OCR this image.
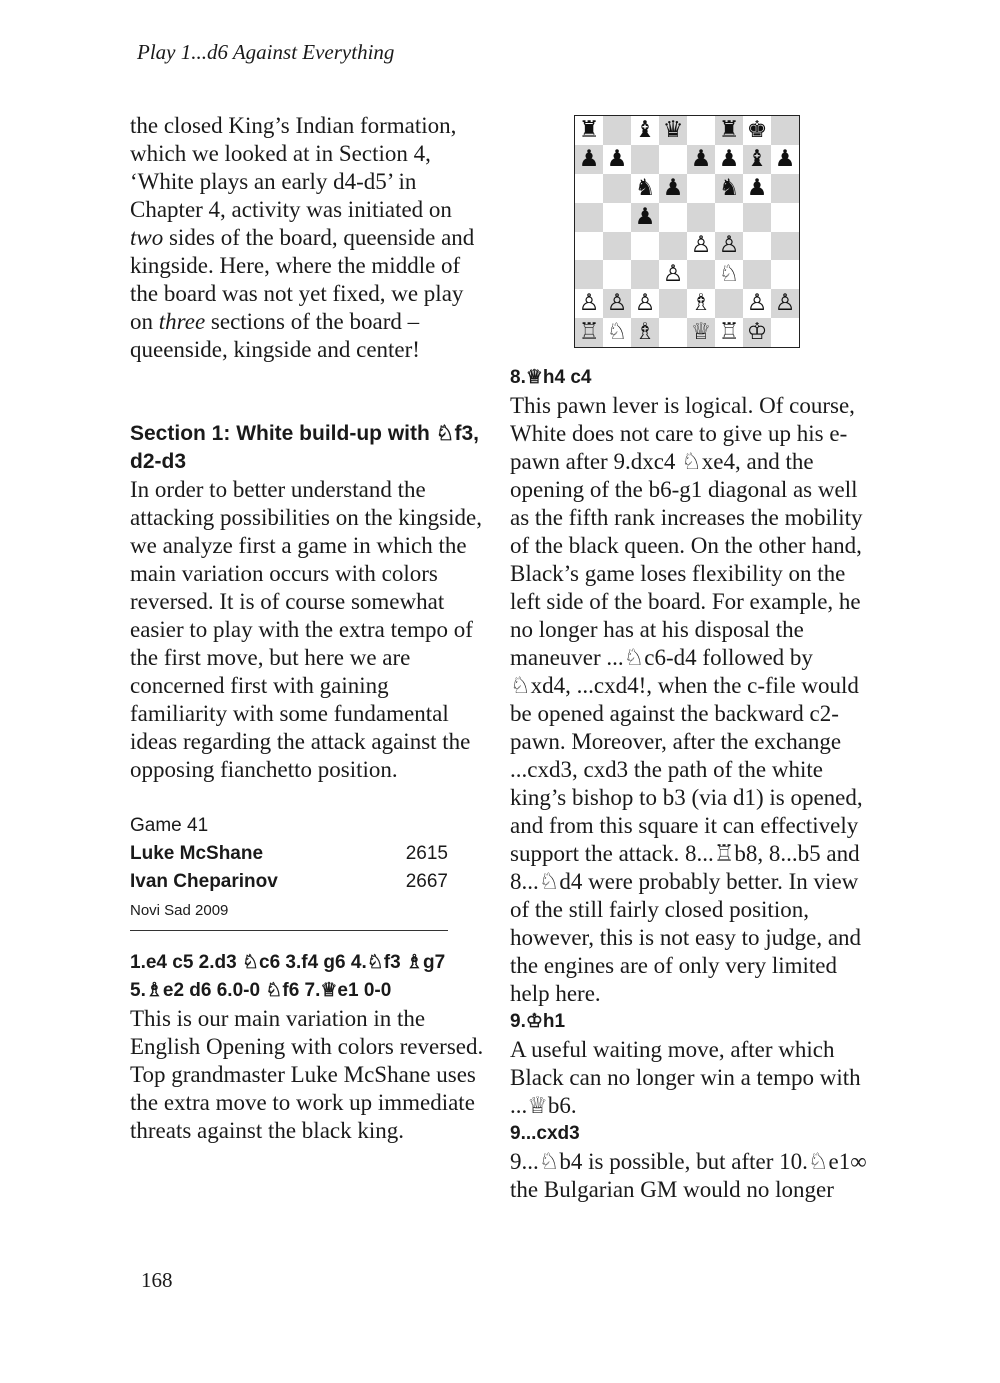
Play 1...d6 Against Everything
♜ ♝ ♛ ♜ ♚
♟ ♟	♟ ♟ ♝ ♟
♞ ♟ ♞ ♟
♟
♙ ♙
♙ ♘
♙ ♙ ♙ ♗ ♙ ♙
♖ ♘ ♗ ♕ ♖ ♔

the closed King’s Indian formation, which we looked at in Section 4, ‘White plays an early d4-d5’ in Chapter 4, activity was initiated on two sides of the board, queenside and kingside. Here, where the middle of the board was not yet fixed, we play on three sections of the board – queenside, kingside and center!

Section 1: White build-up with ♘f3, d2-d3

In order to better understand the attacking possibilities on the kingside, we analyze first a game in which the main variation occurs with colors reversed. It is of course somewhat easier to play with the extra tempo of the first move, but here we are concerned first with gaining familiarity with some fundamental ideas regarding the attack against the opposing fianchetto position.

Game 41
Luke McShane	2615
Ivan Cheparinov	2667
Novi Sad 2009

1.e4 c5 2.d3 ♘c6 3.f4 g6 4.♘f3 ♗g7 5.♗e2 d6 6.0-0 ♘f6 7.♕e1 0-0

This is our main variation in the English Opening with colors reversed. Top grandmaster Luke McShane uses the extra move to work up immediate threats against the black king.

8.♕h4 c4

This pawn lever is logical. Of course, White does not care to give up his e-pawn after 9.dxc4 ♘xe4, and the opening of the b6-g1 diagonal as well as the fifth rank increases the mobility of the black queen. On the other hand, Black’s game loses flexibility on the left side of the board. For example, he no longer has at his disposal the maneuver ...♘c6-d4 followed by ♘xd4, ...cxd4!, when the c-file would be opened against the backward c2-pawn. Moreover, after the exchange ...cxd3, cxd3 the path of the white king’s bishop to b3 (via d1) is opened, and from this square it can effectively support the attack. 8...♖b8, 8...b5 and 8...♘d4 were probably better. In view of the still fairly closed position, however, this is not easy to judge, and the engines are of only very limited help here.

9.♔h1

A useful waiting move, after which Black can no longer win a tempo with ...♕b6.

9...cxd3

9...♘b4 is possible, but after 10.♘e1∞ the Bulgarian GM would no longer

168
